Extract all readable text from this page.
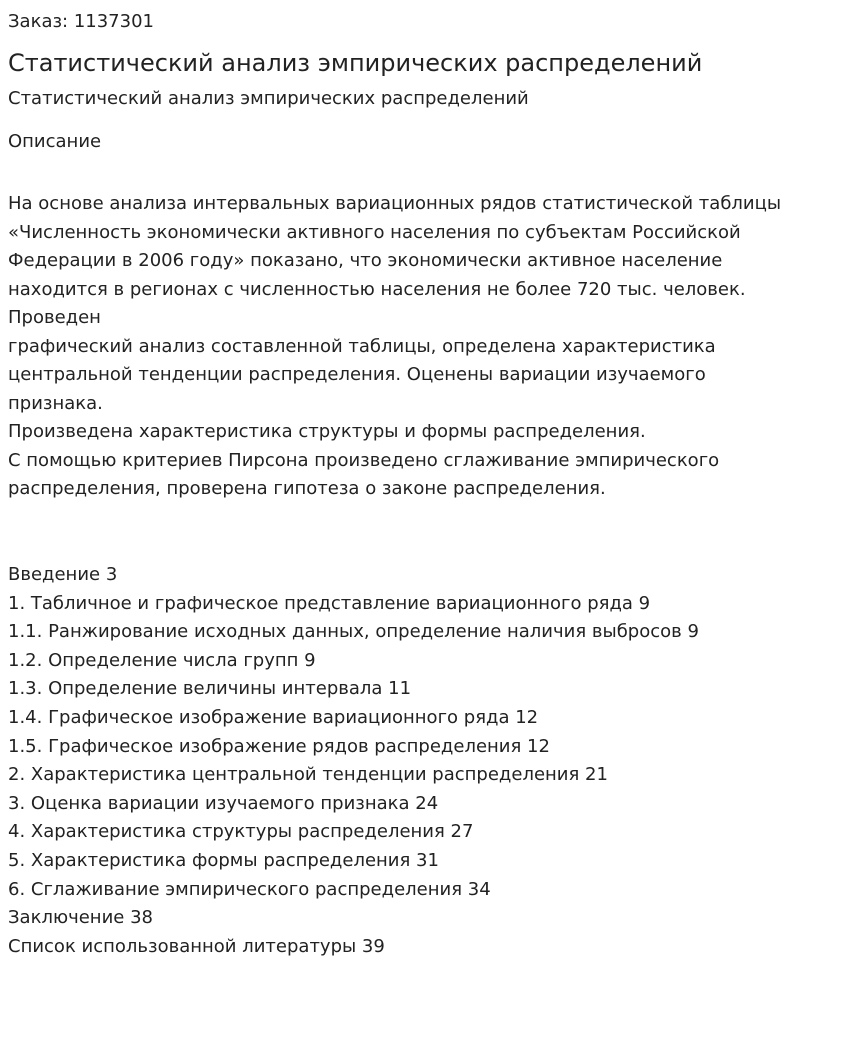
Заказ: 1137301
Статистический анализ эмпирических распределений
Статистический анализ эмпирических распределений
Описание
На основе анализа интервальных вариационных рядов статистической таблицы
«Численность экономически активного населения по субъектам Российской
Федерации в 2006 году» показано, что экономически активное население
находится в регионах с численностью населения не более 720 тыс. человек.
Проведен
графический анализ составленной таблицы, определена характеристика
центральной тенденции распределения. Оценены вариации изучаемого
признака.
Произведена характеристика структуры и формы распределения.
С помощью критериев Пирсона произведено сглаживание эмпирического
распределения, проверена гипотеза о законе распределения.
Введение 3
1. Табличное и графическое представление вариационного ряда 9
1.1. Ранжирование исходных данных, определение наличия выбросов 9
1.2. Определение числа групп 9
1.3. Определение величины интервала 11
1.4. Графическое изображение вариационного ряда 12
1.5. Графическое изображение рядов распределения 12
2. Характеристика центральной тенденции распределения 21
3. Оценка вариации изучаемого признака 24
4. Характеристика структуры распределения 27
5. Характеристика формы распределения 31
6. Сглаживание эмпирического распределения 34
Заключение 38
Список использованной литературы 39
